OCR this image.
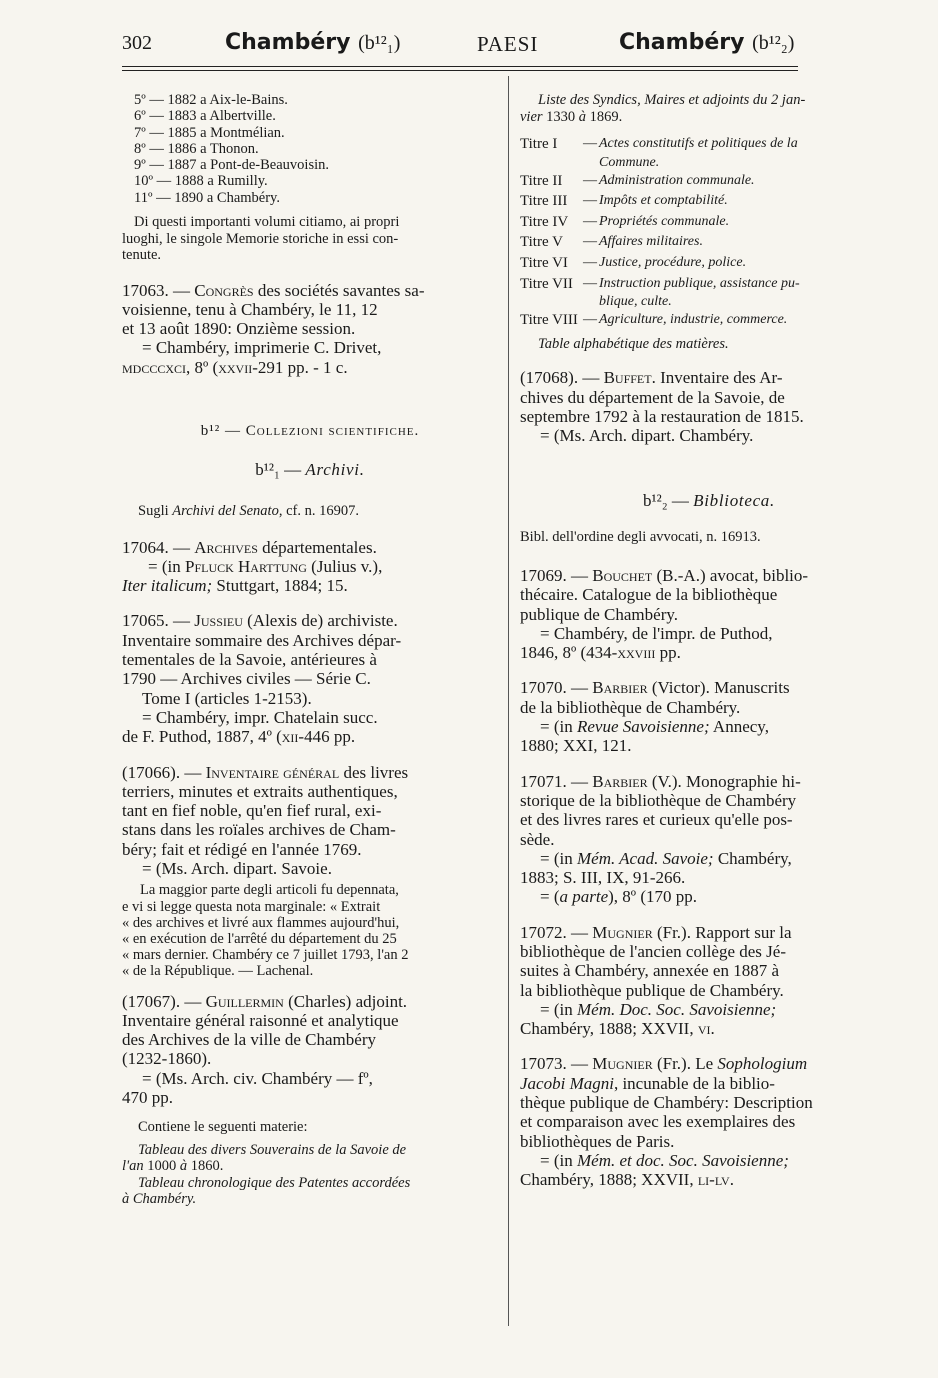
302	Chambéry (b¹²₁)	PAESI	Chambéry (b¹²₂)
5º — 1882 a Aix-le-Bains.
6º — 1883 a Albertville.
7º — 1885 a Montmélian.
8º — 1886 a Thonon.
9º — 1887 a Pont-de-Beauvoisin.
10º — 1888 a Rumilly.
11º — 1890 a Chambéry.
Di questi importanti volumi citiamo, ai propri
luoghi, le singole Memorie storiche in essi con-
tenute.
17063. — Congrès des sociétés savantes sa-
voisienne, tenu à Chambéry, le 11, 12
et 13 août 1890: Onzième session.
= Chambéry, imprimerie C. Drivet,
mdcccxci, 8º (xxvii-291 pp. - 1 c.
b¹² — Collezioni scientifiche.
b¹²₁ — Archivi.
Sugli Archivi del Senato, cf. n. 16907.
17064. — Archives départementales.
= (in Pfluck Harttung (Julius v.),
Iter italicum; Stuttgart, 1884; 15.
17065. — Jussieu (Alexis de) archiviste.
Inventaire sommaire des Archives dépar-
tementales de la Savoie, antérieures à
1790 — Archives civiles — Série C.
Tome I (articles 1-2153).
= Chambéry, impr. Chatelain succ.
de F. Puthod, 1887, 4º (xii-446 pp.
(17066). — Inventaire général des livres
terriers, minutes et extraits authentiques,
tant en fief noble, qu'en fief rural, exi-
stans dans les roïales archives de Cham-
béry; fait et rédigé en l'année 1769.
= (Ms. Arch. dipart. Savoie.
La maggior parte degli articoli fu depennata,
e vi si legge questa nota marginale: « Extrait
« des archives et livré aux flammes aujourd'hui,
« en exécution de l'arrêté du département du 25
« mars dernier. Chambéry ce 7 juillet 1793, l'an 2
« de la République. — Lachenal.
(17067). — Guillermin (Charles) adjoint.
Inventaire général raisonné et analytique
des Archives de la ville de Chambéry
(1232-1860).
= (Ms. Arch. civ. Chambéry — fº,
470 pp.
Contiene le seguenti materie:
Tableau des divers Souverains de la Savoie de
l'an 1000 à 1860.
Tableau chronologique des Patentes accordées
à Chambéry.
Liste des Syndics, Maires et adjoints du 2 jan-
vier 1330 à 1869.
Titre I	— Actes constitutifs et politiques de la
Commune.
Titre II	— Administration communale.
Titre III	— Impôts et comptabilité.
Titre IV	— Propriétés communale.
Titre V	— Affaires militaires.
Titre VI	— Justice, procédure, police.
Titre VII — Instruction publique, assistance pu-
blique, culte.
Titre VIII — Agriculture, industrie, commerce.
Table alphabétique des matières.
(17068). — Buffet. Inventaire des Ar-
chives du département de la Savoie, de
septembre 1792 à la restauration de 1815.
= (Ms. Arch. dipart. Chambéry.
b¹²₂ — Biblioteca.
Bibl. dell'ordine degli avvocati, n. 16913.
17069. — Bouchet (B.-A.) avocat, biblio-
thécaire. Catalogue de la bibliothèque
publique de Chambéry.
= Chambéry, de l'impr. de Puthod,
1846, 8º (434-xxviii pp.
17070. — Barbier (Victor). Manuscrits
de la bibliothèque de Chambéry.
= (in Revue Savoisienne; Annecy,
1880; XXI, 121.
17071. — Barbier (V.). Monographie hi-
storique de la bibliothèque de Chambéry
et des livres rares et curieux qu'elle pos-
sède.
= (in Mém. Acad. Savoie; Chambéry,
1883; S. III, IX, 91-266.
= (a parte), 8º (170 pp.
17072. — Mugnier (Fr.). Rapport sur la
bibliothèque de l'ancien collège des Jé-
suites à Chambéry, annexée en 1887 à
la bibliothèque publique de Chambéry.
= (in Mém. Doc. Soc. Savoisienne;
Chambéry, 1888; XXVII, vi.
17073. — Mugnier (Fr.). Le Sophologium
Jacobi Magni, incunable de la biblio-
thèque publique de Chambéry: Description
et comparaison avec les exemplaires des
bibliothèques de Paris.
= (in Mém. et doc. Soc. Savoisienne;
Chambéry, 1888; XXVII, li-lv.
